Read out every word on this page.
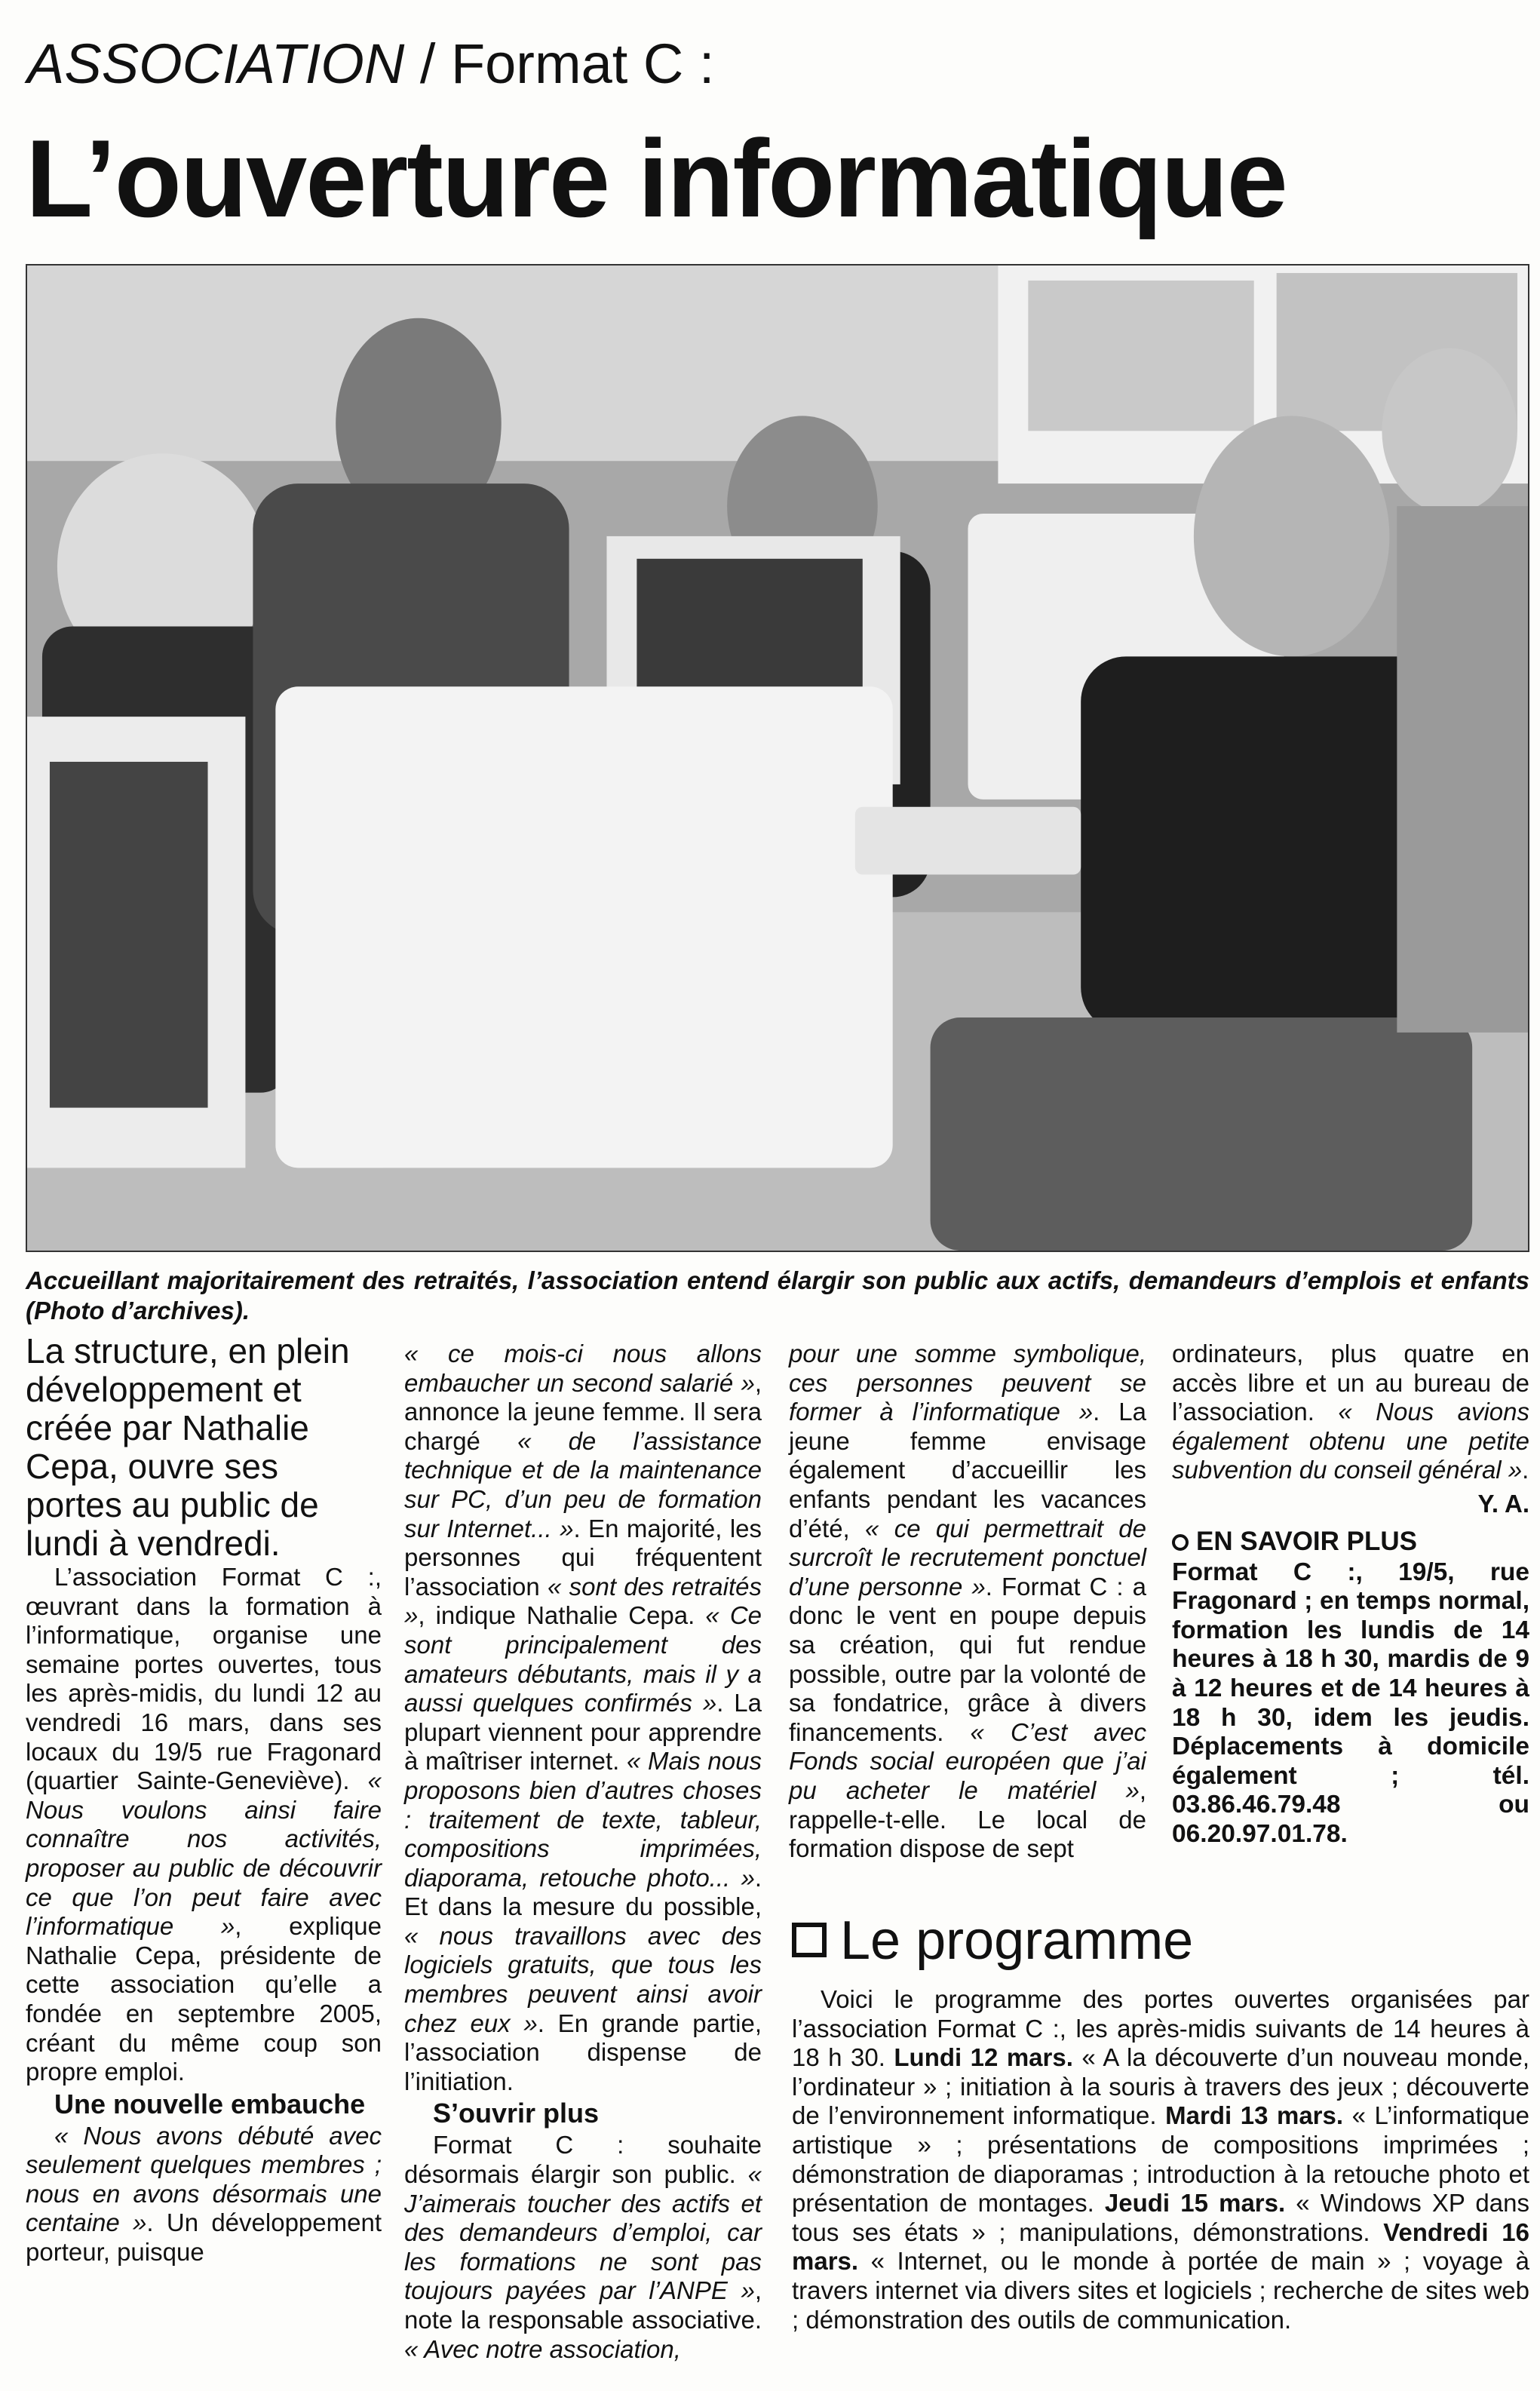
ASSOCIATION / Format C :
L’ouverture informatique
Accueillant majoritairement des retraités, l’association entend élargir son public aux actifs, demandeurs d’emplois et enfants (Photo d’archives).

La structure, en plein développement et créée par Nathalie Cepa, ouvre ses portes au public de lundi à vendredi.

L’association Format C :, œuvrant dans la formation à l’informatique, organise une semaine portes ouvertes, tous les après-midis, du lundi 12 au vendredi 16 mars, dans ses locaux du 19/5 rue Fragonard (quartier Sainte-Geneviève). « Nous voulons ainsi faire connaître nos activités, proposer au public de découvrir ce que l’on peut faire avec l’informatique », explique Nathalie Cepa, présidente de cette association qu’elle a fondée en septembre 2005, créant du même coup son propre emploi.

Une nouvelle embauche

« Nous avons débuté avec seulement quelques membres ; nous en avons désormais une centaine ». Un développement porteur, puisque

« ce mois-ci nous allons embaucher un second salarié », annonce la jeune femme. Il sera chargé « de l’assistance technique et de la maintenance sur PC, d’un peu de formation sur Internet... ». En majorité, les personnes qui fréquentent l’association « sont des retraités », indique Nathalie Cepa. « Ce sont principalement des amateurs débutants, mais il y a aussi quelques confirmés ». La plupart viennent pour apprendre à maîtriser internet. « Mais nous proposons bien d’autres choses : traitement de texte, tableur, compositions imprimées, diaporama, retouche photo... ». Et dans la mesure du possible, « nous travaillons avec des logiciels gratuits, que tous les membres peuvent ainsi avoir chez eux ». En grande partie, l’association dispense de l’initiation.

S’ouvrir plus

Format C : souhaite désormais élargir son public. « J’aimerais toucher des actifs et des demandeurs d’emploi, car les formations ne sont pas toujours payées par l’ANPE », note la responsable associative. « Avec notre association,

pour une somme symbolique, ces personnes peuvent se former à l’informatique ». La jeune femme envisage également d’accueillir les enfants pendant les vacances d’été, « ce qui permettrait de surcroît le recrutement ponctuel d’une personne ». Format C : a donc le vent en poupe depuis sa création, qui fut rendue possible, outre par la volonté de sa fondatrice, grâce à divers financements. « C’est avec Fonds social européen que j’ai pu acheter le matériel », rappelle-t-elle. Le local de formation dispose de sept

ordinateurs, plus quatre en accès libre et un au bureau de l’association. « Nous avions également obtenu une petite subvention du conseil général ».

Y. A.
EN SAVOIR PLUS
Format C :, 19/5, rue Fragonard ; en temps normal, formation les lundis de 14 heures à 18 h 30, mardis de 9 à 12 heures et de 14 heures à 18 h 30, idem les jeudis. Déplacements à domicile également ; tél. 03.86.46.79.48 ou 06.20.97.01.78.
Le programme

Voici le programme des portes ouvertes organisées par l’association Format C :, les après-midis suivants de 14 heures à 18 h 30. Lundi 12 mars. « A la découverte d’un nouveau monde, l’ordinateur » ; initiation à la souris à travers des jeux ; découverte de l’environnement informatique. Mardi 13 mars. « L’informatique artistique » ; présentations de compositions imprimées ; démonstration de diaporamas ; introduction à la retouche photo et présentation de montages. Jeudi 15 mars. « Windows XP dans tous ses états » ; manipulations, démonstrations. Vendredi 16 mars. « Internet, ou le monde à portée de main » ; voyage à travers internet via divers sites et logiciels ; recherche de sites web ; démonstration des outils de communication.
